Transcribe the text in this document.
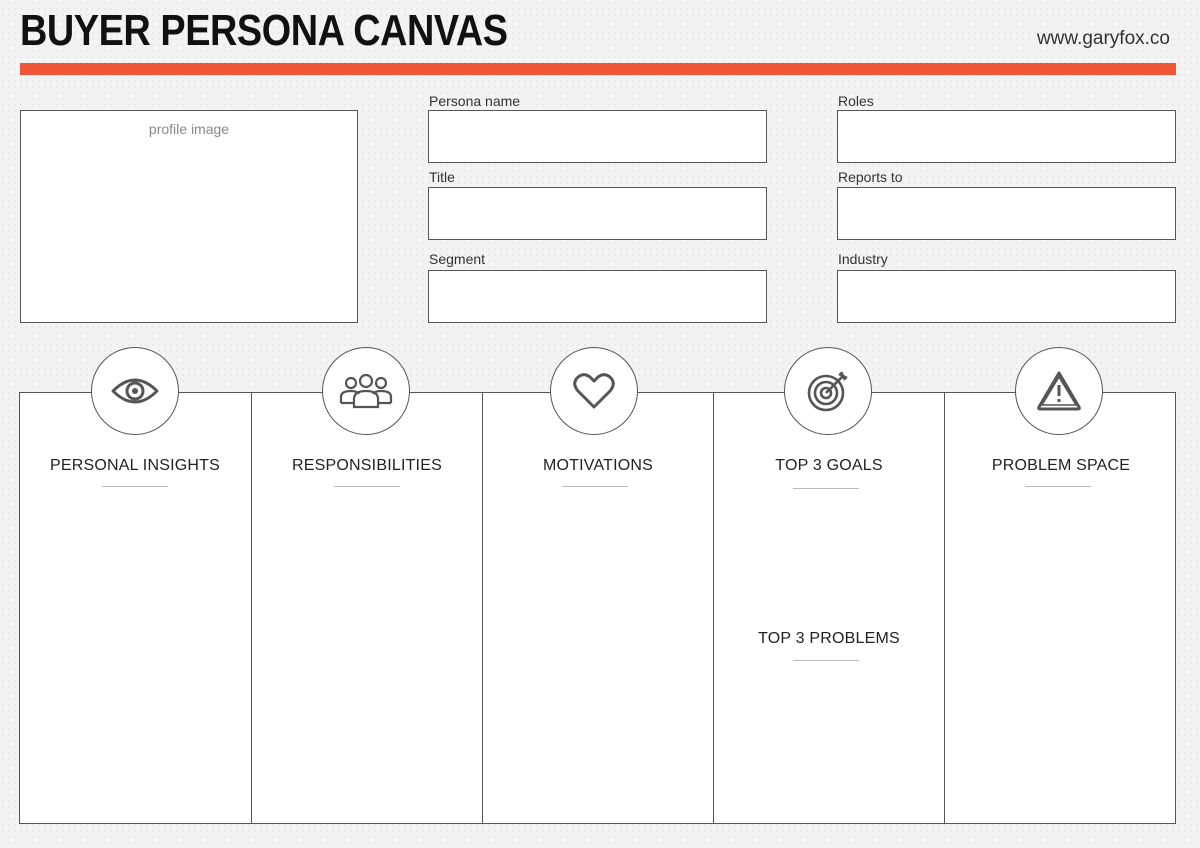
BUYER PERSONA CANVAS	www.garyfox.co
profile image
Persona name
Title
Segment
Roles
Reports to
Industry
PERSONAL INSIGHTS	RESPONSIBILITIES	MOTIVATIONS	TOP 3 GOALS
TOP 3 PROBLEMS
PROBLEM SPACE
